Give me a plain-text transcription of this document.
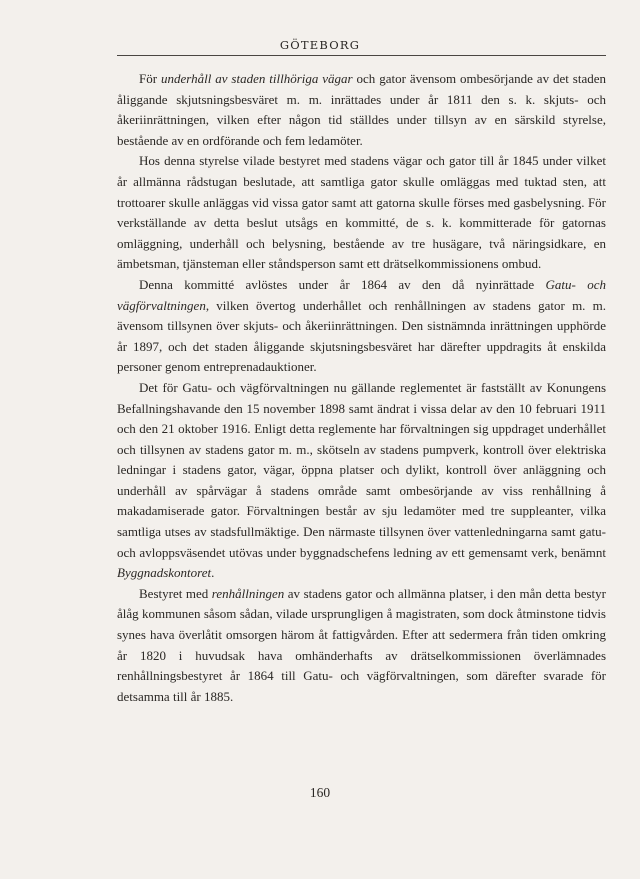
GÖTEBORG

För underhåll av staden tillhöriga vägar och gator ävensom ombesörjande av det staden åliggande skjutsningsbesväret m. m. inrättades under år 1811 den s. k. skjuts- och åkeriinrättningen, vilken efter någon tid ställdes under tillsyn av en särskild styrelse, bestående av en ordförande och fem ledamöter.

Hos denna styrelse vilade bestyret med stadens vägar och gator till år 1845 under vilket år allmänna rådstugan beslutade, att samtliga gator skulle omläggas med tuktad sten, att trottoarer skulle anläggas vid vissa gator samt att gatorna skulle förses med gasbelysning. För verkställande av detta beslut utsågs en kommitté, de s. k. kommitterade för gatornas omläggning, underhåll och belysning, bestående av tre husägare, två näringsidkare, en ämbetsman, tjänsteman eller ståndsperson samt ett drätselkommissionens ombud.

Denna kommitté avlöstes under år 1864 av den då nyinrättade Gatu- och vägförvaltningen, vilken övertog underhållet och renhållningen av stadens gator m. m. ävensom tillsynen över skjuts- och åkeriinrättningen. Den sistnämnda inrättningen upphörde år 1897, och det staden åliggande skjutsningsbesväret har därefter uppdragits åt enskilda personer genom entreprenadauktioner.

Det för Gatu- och vägförvaltningen nu gällande reglementet är fastställt av Konungens Befallningshavande den 15 november 1898 samt ändrat i vissa delar av den 10 februari 1911 och den 21 oktober 1916. Enligt detta reglemente har förvaltningen sig uppdraget underhållet och tillsynen av stadens gator m. m., skötseln av stadens pumpverk, kontroll över elektriska ledningar i stadens gator, vägar, öppna platser och dylikt, kontroll över anläggning och underhåll av spårvägar å stadens område samt ombesörjande av viss renhållning å makadamiserade gator. Förvaltningen består av sju ledamöter med tre suppleanter, vilka samtliga utses av stadsfullmäktige. Den närmaste tillsynen över vattenledningarna samt gatu- och avloppsväsendet utövas under byggnadschefens ledning av ett gemensamt verk, benämnt Byggnadskontoret.

Bestyret med renhållningen av stadens gator och allmänna platser, i den mån detta bestyr ålåg kommunen såsom sådan, vilade ursprungligen å magistraten, som dock åtminstone tidvis synes hava överlåtit omsorgen härom åt fattigvården. Efter att sedermera från tiden omkring år 1820 i huvudsak hava omhänderhafts av drätselkommissionen överlämnades renhållningsbestyret år 1864 till Gatu- och vägförvaltningen, som därefter svarade för detsamma till år 1885.

160
